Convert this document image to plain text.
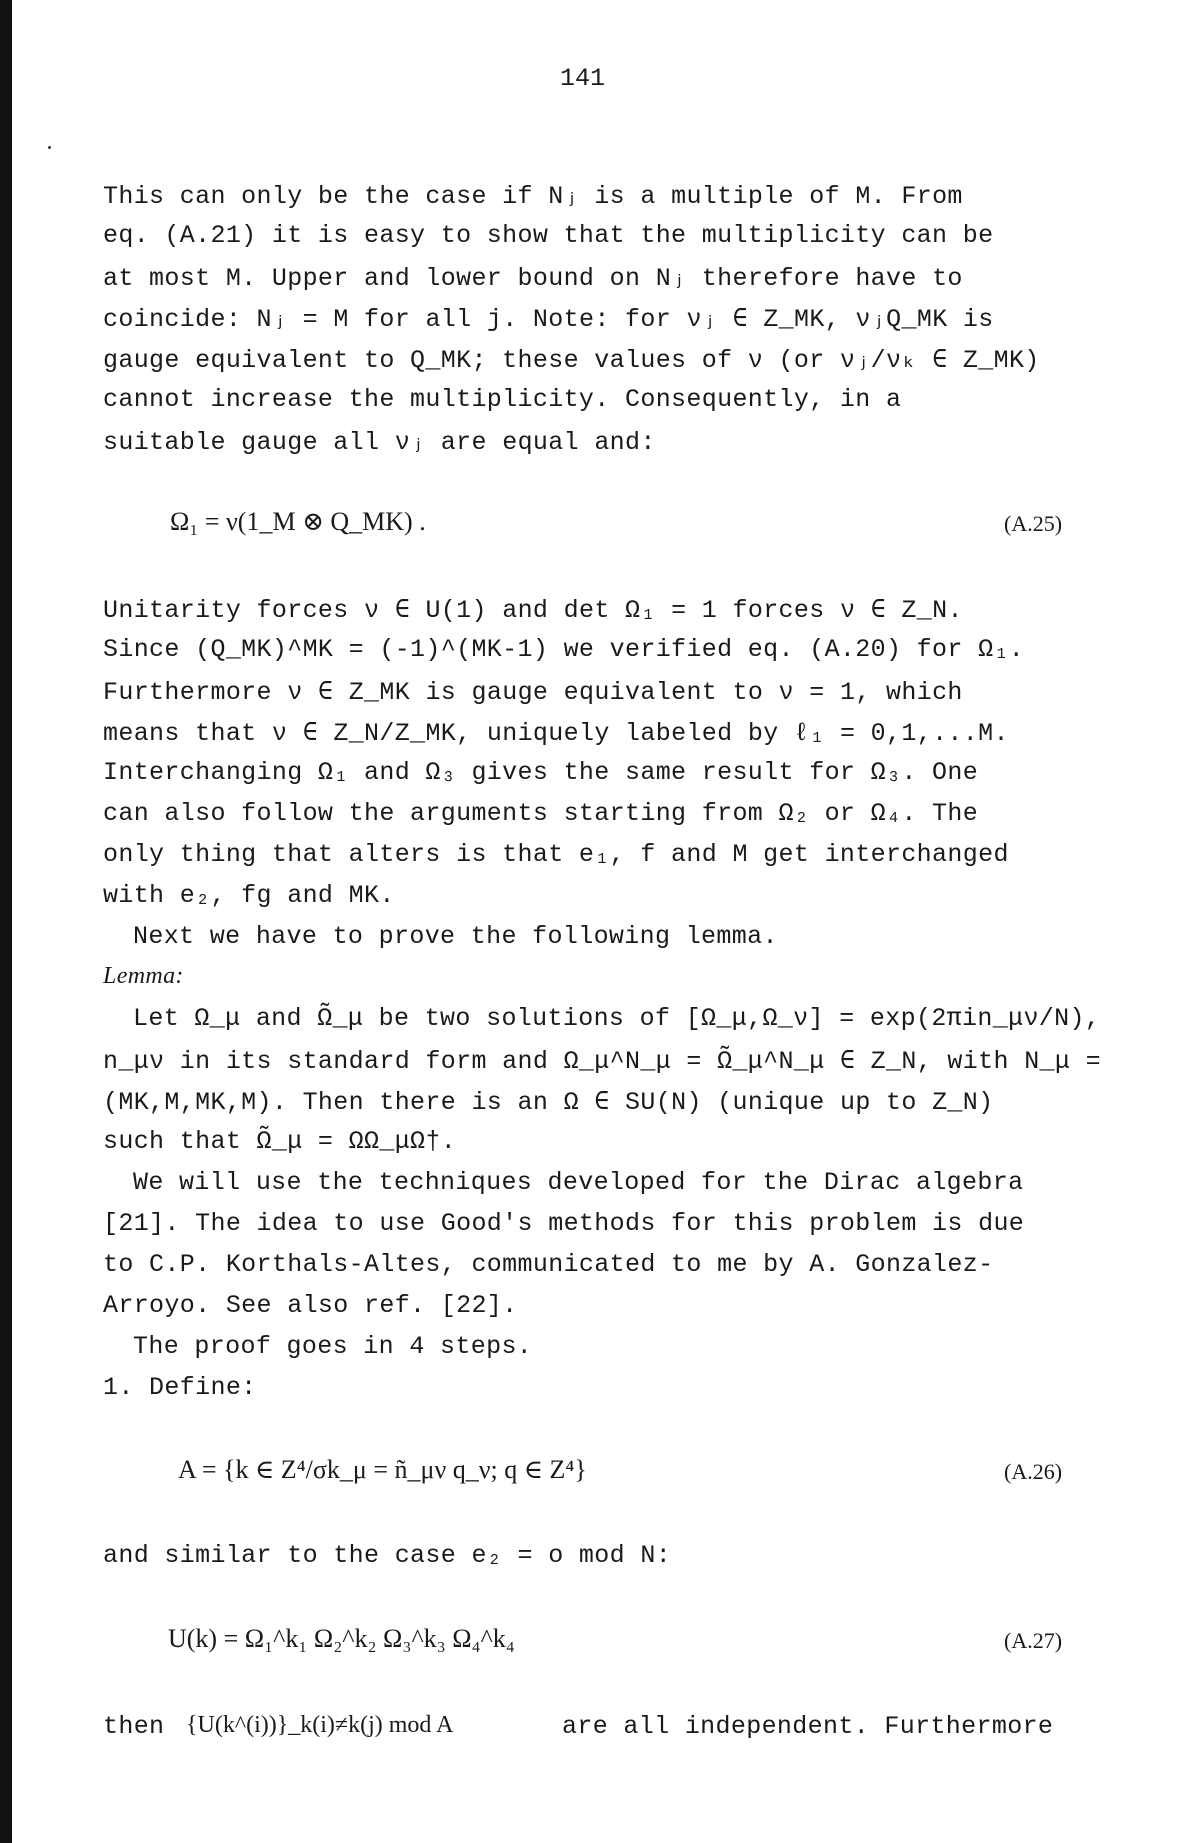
141
This can only be the case if Nⱼ is a multiple of M. From
eq. (A.21) it is easy to show that the multiplicity can be
at most M. Upper and lower bound on Nⱼ therefore have to
coincide: Nⱼ = M for all j. Note: for νⱼ ∈ Z_MK, νⱼQ_MK is
gauge equivalent to Q_MK; these values of ν (or νⱼ/νₖ ∈ Z_MK)
cannot increase the multiplicity. Consequently, in a
suitable gauge all νⱼ are equal and:
Ω₁ = ν(1_M ⊗ Q_MK) .	(A.25)
Unitarity forces ν ∈ U(1) and det Ω₁ = 1 forces ν ∈ Z_N.
Since (Q_MK)^MK = (-1)^(MK-1) we verified eq. (A.20) for Ω₁.
Furthermore ν ∈ Z_MK is gauge equivalent to ν = 1, which
means that ν ∈ Z_N/Z_MK, uniquely labeled by ℓ₁ = 0,1,...M.
Interchanging Ω₁ and Ω₃ gives the same result for Ω₃. One
can also follow the arguments starting from Ω₂ or Ω₄. The
only thing that alters is that e₁, f and M get interchanged
with e₂, fg and MK.
Next we have to prove the following lemma.
Lemma:
Let Ω_μ and Ω̃_μ be two solutions of [Ω_μ,Ω_ν] = exp(2πin_μν/N),
n_μν in its standard form and Ω_μ^N_μ = Ω̃_μ^N_μ ∈ Z_N, with N_μ =
(MK,M,MK,M). Then there is an Ω ∈ SU(N) (unique up to Z_N)
such that Ω̃_μ = ΩΩ_μΩ†.
We will use the techniques developed for the Dirac algebra
[21]. The idea to use Good's methods for this problem is due
to C.P. Korthals-Altes, communicated to me by A. Gonzalez-
Arroyo. See also ref. [22].
The proof goes in 4 steps.
1. Define:
A = {k ∈ Z⁴/σk_μ = ñ_μν q_ν; q ∈ Z⁴}	(A.26)
and similar to the case e₂ = o mod N:
U(k) = Ω₁^k₁ Ω₂^k₂ Ω₃^k₃ Ω₄^k₄	(A.27)
then {U(k^(i))}_k(i)≠k(j) mod A	are all independent. Furthermore
